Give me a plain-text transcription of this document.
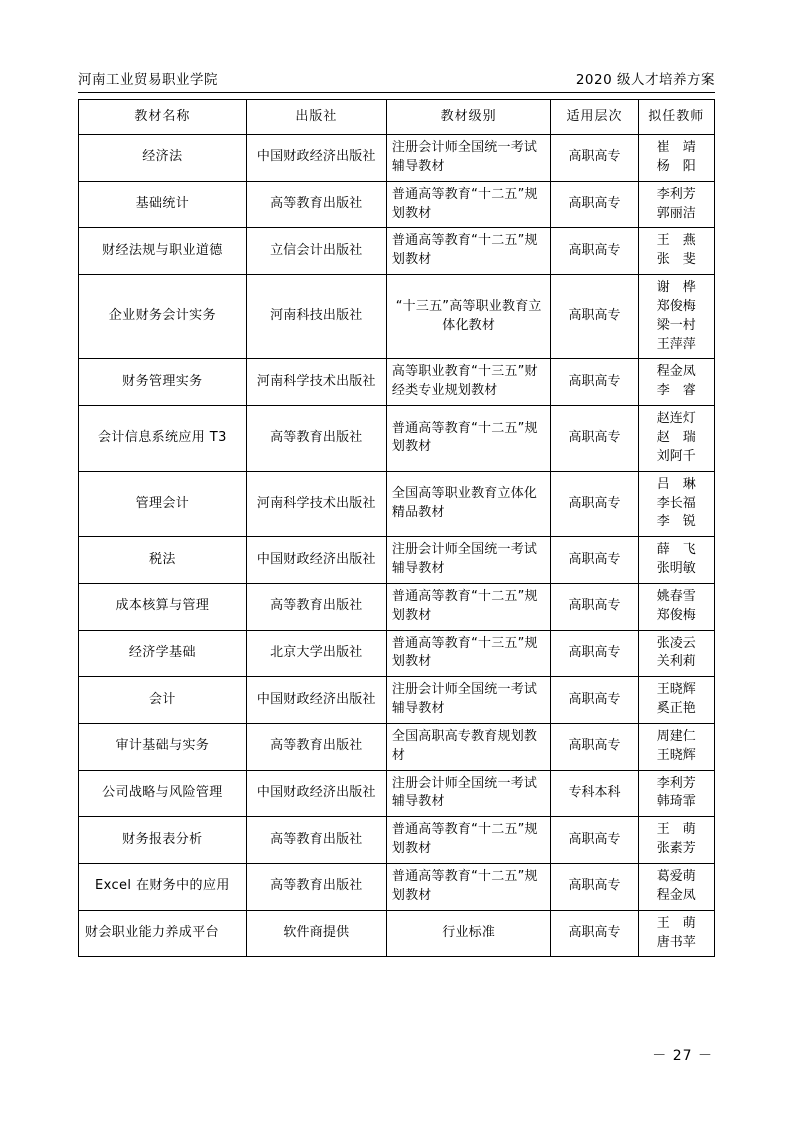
河南工业贸易职业学院	2020 级人才培养方案
教材名称	出版社	教材级别	适用层次	拟任教师
经济法	中国财政经济出版社	注册会计师全国统一考试辅导教材	高职高专	崔　靖
杨　阳

基础统计	高等教育出版社	普通高等教育“十二五”规划教材	高职高专	李利芳
郭丽洁

财经法规与职业道德	立信会计出版社	普通高等教育“十二五”规划教材	高职高专	王　燕
张　斐

企业财务会计实务	河南科技出版社	“十三五”高等职业教育立体化教材	高职高专	谢　桦
郑俊梅
梁一村
王萍萍

财务管理实务	河南科学技术出版社	高等职业教育“十三五”财经类专业规划教材	高职高专	程金凤
李　睿

会计信息系统应用 T3	高等教育出版社	普通高等教育“十二五”规划教材	高职高专	赵连灯
赵　瑞
刘阿千

管理会计	河南科学技术出版社	全国高等职业教育立体化精品教材	高职高专	吕　琳
李长福
李　锐

税法	中国财政经济出版社	注册会计师全国统一考试辅导教材	高职高专	薛　飞
张明敏

成本核算与管理	高等教育出版社	普通高等教育“十二五”规划教材	高职高专	姚春雪
郑俊梅

经济学基础	北京大学出版社	普通高等教育“十三五”规划教材	高职高专	张凌云
关利莉

会计	中国财政经济出版社	注册会计师全国统一考试辅导教材	高职高专	王晓辉
奚正艳

审计基础与实务	高等教育出版社	全国高职高专教育规划教材	高职高专	周建仁
王晓辉

公司战略与风险管理	中国财政经济出版社	注册会计师全国统一考试辅导教材	专科本科	李利芳
韩琦霏

财务报表分析	高等教育出版社	普通高等教育“十二五”规划教材	高职高专	王　萌
张素芳

Excel 在财务中的应用	高等教育出版社	普通高等教育“十二五”规划教材	高职高专	葛爱萌
程金凤

财会职业能力养成平台	软件商提供	行业标准	高职高专	王　萌
唐书苹
－ 27 －
